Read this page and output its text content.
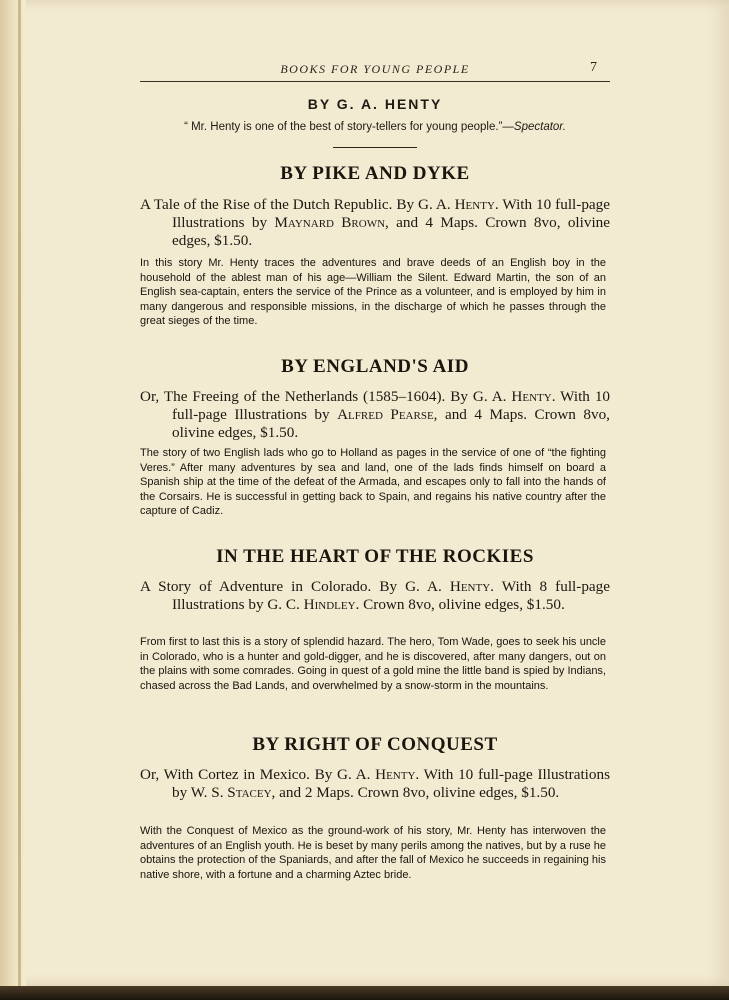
BOOKS FOR YOUNG PEOPLE	7
BY G. A. HENTY
“ Mr. Henty is one of the best of story-tellers for young people.”—Spectator.
BY PIKE AND DYKE
A Tale of the Rise of the Dutch Republic. By G. A. Henty. With 10 full-page Illustrations by Maynard Brown, and 4 Maps. Crown 8vo, olivine edges, $1.50.
In this story Mr. Henty traces the adventures and brave deeds of an English boy in the household of the ablest man of his age—William the Silent. Edward Martin, the son of an English sea-captain, enters the service of the Prince as a volunteer, and is employed by him in many dangerous and responsible missions, in the discharge of which he passes through the great sieges of the time.
BY ENGLAND'S AID
Or, The Freeing of the Netherlands (1585–1604). By G. A. Henty. With 10 full-page Illustrations by Alfred Pearse, and 4 Maps. Crown 8vo, olivine edges, $1.50.
The story of two English lads who go to Holland as pages in the service of one of “the fighting Veres.” After many adventures by sea and land, one of the lads finds himself on board a Spanish ship at the time of the defeat of the Armada, and escapes only to fall into the hands of the Corsairs. He is successful in getting back to Spain, and regains his native country after the capture of Cadiz.
IN THE HEART OF THE ROCKIES
A Story of Adventure in Colorado. By G. A. Henty. With 8 full-page Illustrations by G. C. Hindley. Crown 8vo, olivine edges, $1.50.
From first to last this is a story of splendid hazard. The hero, Tom Wade, goes to seek his uncle in Colorado, who is a hunter and gold-digger, and he is discovered, after many dangers, out on the plains with some comrades. Going in quest of a gold mine the little band is spied by Indians, chased across the Bad Lands, and overwhelmed by a snow-storm in the mountains.
BY RIGHT OF CONQUEST
Or, With Cortez in Mexico. By G. A. Henty. With 10 full-page Illustrations by W. S. Stacey, and 2 Maps. Crown 8vo, olivine edges, $1.50.
With the Conquest of Mexico as the ground-work of his story, Mr. Henty has interwoven the adventures of an English youth. He is beset by many perils among the natives, but by a ruse he obtains the protection of the Spaniards, and after the fall of Mexico he succeeds in regaining his native shore, with a fortune and a charming Aztec bride.
